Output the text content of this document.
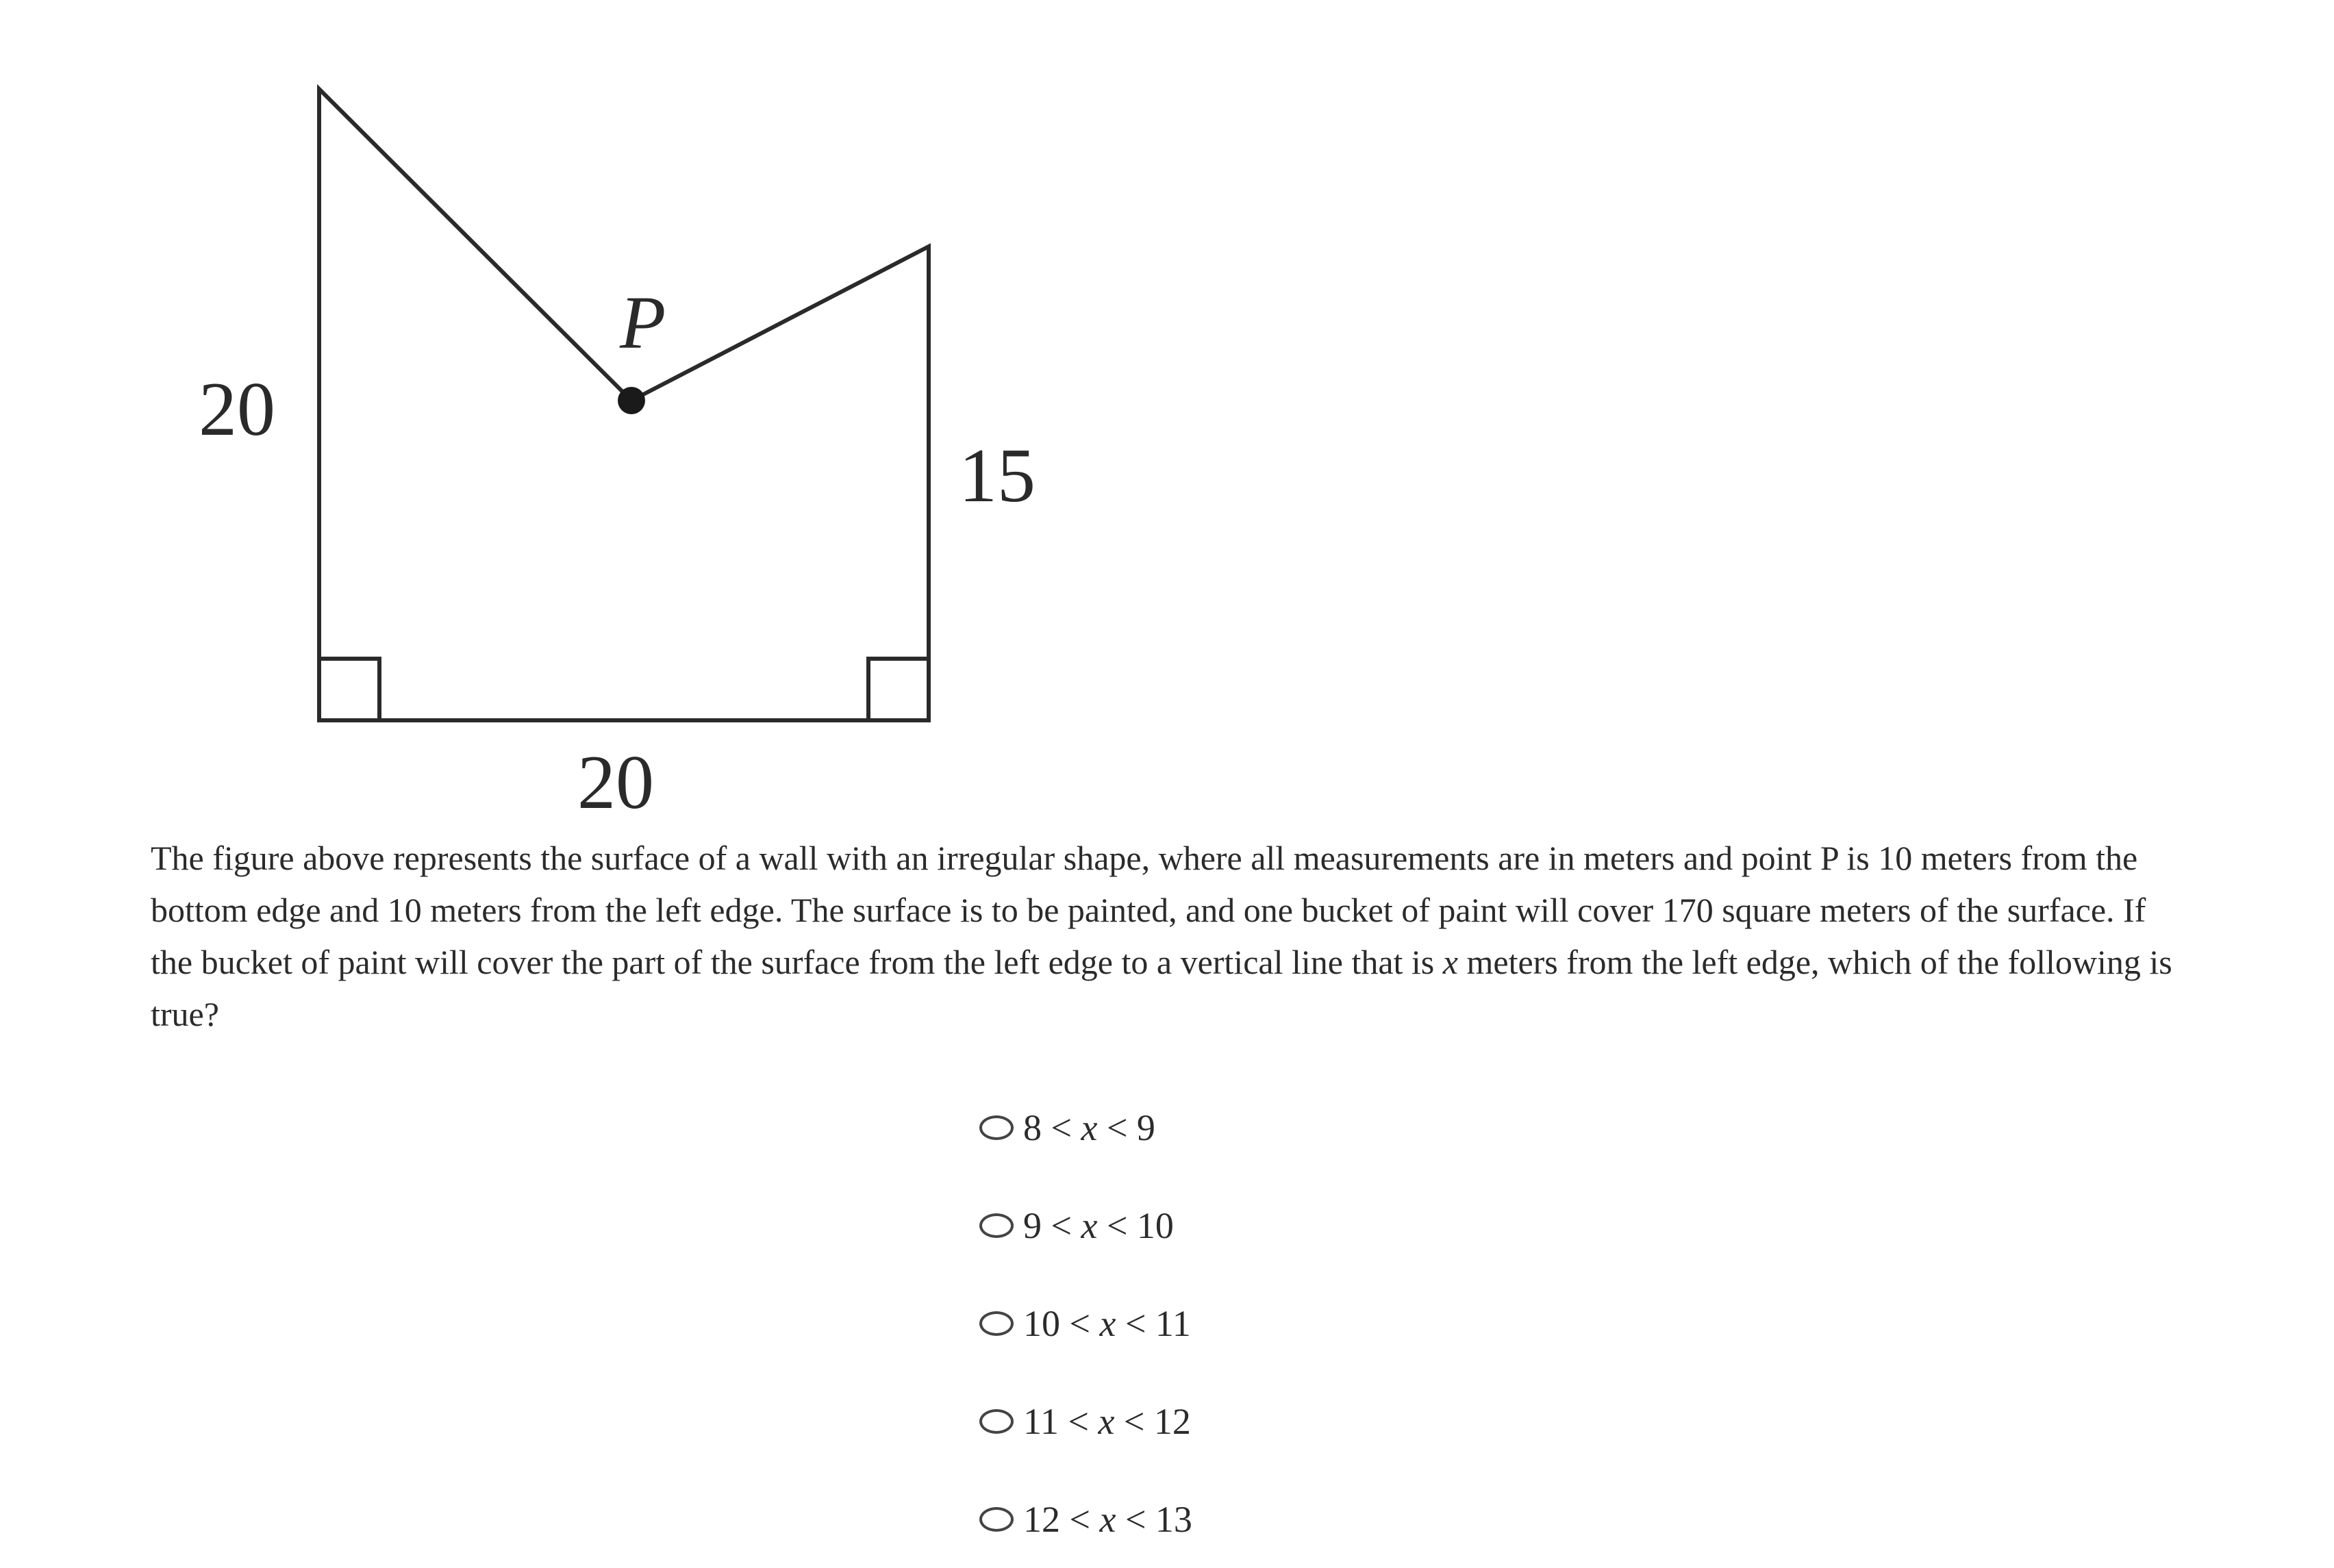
P
20
15
20

The figure above represents the surface of a wall with an irregular shape, where all measurements are in meters and point P is 10 meters from the bottom edge and 10 meters from the left edge. The surface is to be painted, and one bucket of paint will cover 170 square meters of the surface. If the bucket of paint will cover the part of the surface from the left edge to a vertical line that is x meters from the left edge, which of the following is true?

8 < x < 9
9 < x < 10
10 < x < 11
11 < x < 12
12 < x < 13
